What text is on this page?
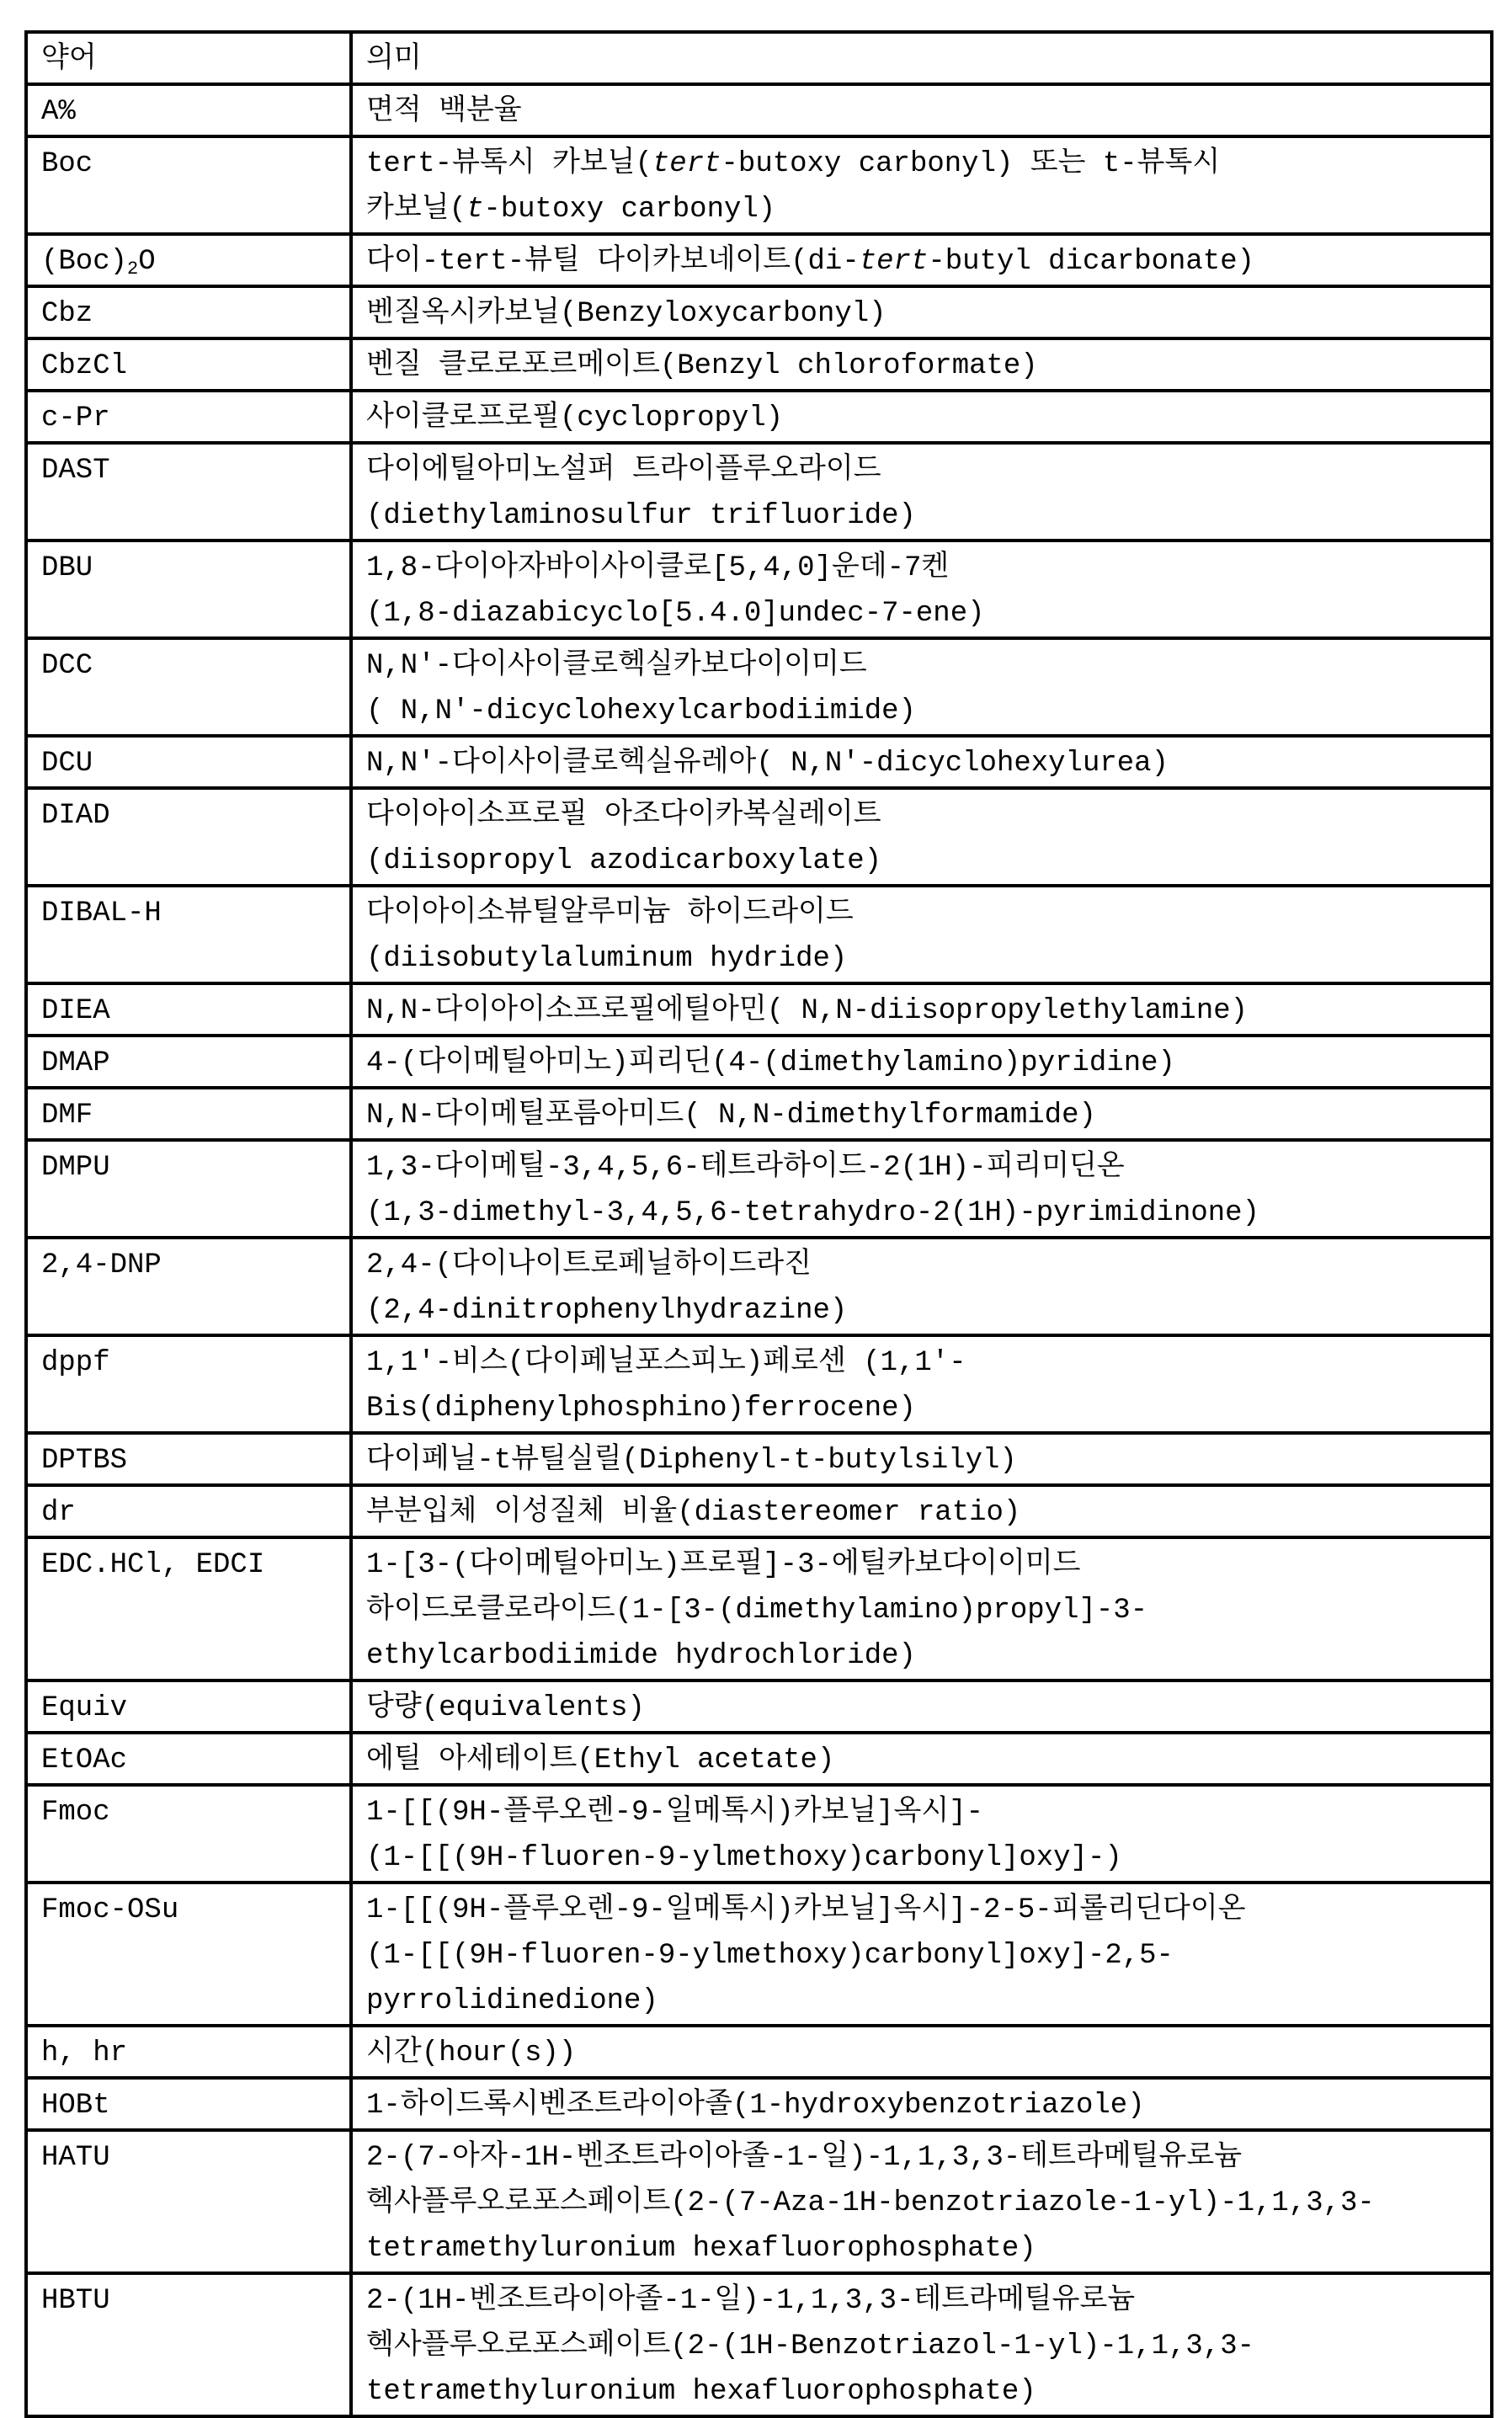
약어	의미
A%	면적 백분율

Boc	tert-뷰톡시 카보닐(tert-butoxy carbonyl) 또는 t-뷰톡시
카보닐(t-butoxy carbonyl)

(Boc)2O	다이-tert-뷰틸 다이카보네이트(di-tert-butyl dicarbonate)

Cbz	벤질옥시카보닐(Benzyloxycarbonyl)

CbzCl	벤질 클로로포르메이트(Benzyl chloroformate)

c-Pr	사이클로프로필(cyclopropyl)

DAST	다이에틸아미노설퍼 트라이플루오라이드
(diethylaminosulfur trifluoride)

DBU	1,8-다이아자바이사이클로[5,4,0]운데-7켄
(1,8-diazabicyclo[5.4.0]undec-7-ene)

DCC	N,N'-다이사이클로헥실카보다이이미드
( N,N'-dicyclohexylcarbodiimide)

DCU	N,N'-다이사이클로헥실유레아( N,N'-dicyclohexylurea)

DIAD	다이아이소프로필 아조다이카복실레이트
(diisopropyl azodicarboxylate)

DIBAL-H	다이아이소뷰틸알루미늄 하이드라이드
(diisobutylaluminum hydride)

DIEA	N,N-다이아이소프로필에틸아민( N,N-diisopropylethylamine)

DMAP	4-(다이메틸아미노)피리딘(4-(dimethylamino)pyridine)

DMF	N,N-다이메틸포름아미드( N,N-dimethylformamide)

DMPU	1,3-다이메틸-3,4,5,6-테트라하이드-2(1H)-피리미딘온
(1,3-dimethyl-3,4,5,6-tetrahydro-2(1H)-pyrimidinone)

2,4-DNP	2,4-(다이나이트로페닐하이드라진
(2,4-dinitrophenylhydrazine)

dppf	1,1'-비스(다이페닐포스피노)페로센 (1,1'-
Bis(diphenylphosphino)ferrocene)

DPTBS	다이페닐-t뷰틸실릴(Diphenyl-t-butylsilyl)

dr	부분입체 이성질체 비율(diastereomer ratio)

EDC.HCl, EDCI	1-[3-(다이메틸아미노)프로필]-3-에틸카보다이이미드
하이드로클로라이드(1-[3-(dimethylamino)propyl]-3-
ethylcarbodiimide hydrochloride)

Equiv	당량(equivalents)

EtOAc	에틸 아세테이트(Ethyl acetate)

Fmoc	1-[[(9H-플루오렌-9-일메톡시)카보닐]옥시]-
(1-[[(9H-fluoren-9-ylmethoxy)carbonyl]oxy]-)

Fmoc-OSu	1-[[(9H-플루오렌-9-일메톡시)카보닐]옥시]-2-5-피롤리딘다이온
(1-[[(9H-fluoren-9-ylmethoxy)carbonyl]oxy]-2,5-
pyrrolidinedione)

h, hr	시간(hour(s))

HOBt	1-하이드록시벤조트라이아졸(1-hydroxybenzotriazole)

HATU	2-(7-아자-1H-벤조트라이아졸-1-일)-1,1,3,3-테트라메틸유로늄
헥사플루오로포스페이트(2-(7-Aza-1H-benzotriazole-1-yl)-1,1,3,3-
tetramethyluronium hexafluorophosphate)

HBTU	2-(1H-벤조트라이아졸-1-일)-1,1,3,3-테트라메틸유로늄
헥사플루오로포스페이트(2-(1H-Benzotriazol-1-yl)-1,1,3,3-
tetramethyluronium hexafluorophosphate)
